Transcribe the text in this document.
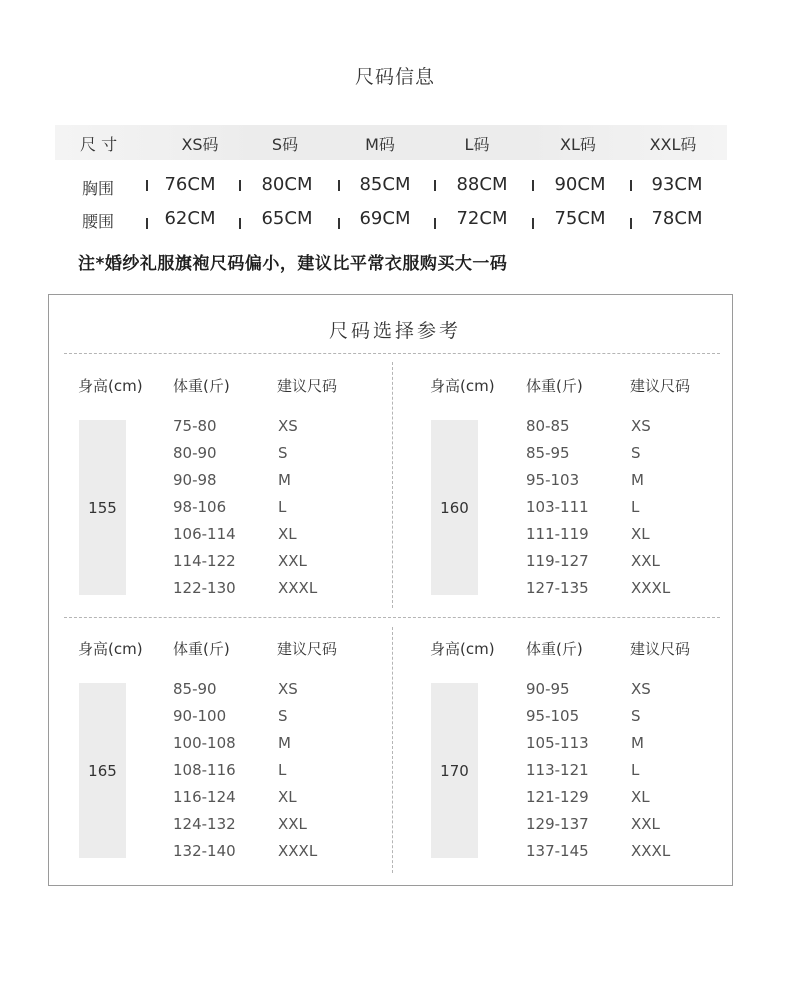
尺码信息
尺 寸	XS码	S码	M码	L码	XL码	XXL码
胸围	76CM	80CM	85CM	88CM	90CM	93CM
腰围	62CM	65CM	69CM	72CM	75CM	78CM
注*婚纱礼服旗袍尺码偏小，建议比平常衣服购买大一码
尺码选择参考
身高(cm) 体重(斤)	建议尺码
155
75-80	XS
80-90	S
90-98	M
98-106	L
106-114	XL
114-122	XXL
122-130	XXXL
身高(cm) 体重(斤)	建议尺码
160
80-85	XS
85-95	S
95-103	M
103-111	L
111-119	XL
119-127	XXL
127-135	XXXL
身高(cm) 体重(斤)	建议尺码
165
85-90	XS
90-100	S
100-108	M
108-116	L
116-124	XL
124-132	XXL
132-140	XXXL
身高(cm) 体重(斤)	建议尺码
170
90-95	XS
95-105	S
105-113	M
113-121	L
121-129	XL
129-137	XXL
137-145	XXXL
